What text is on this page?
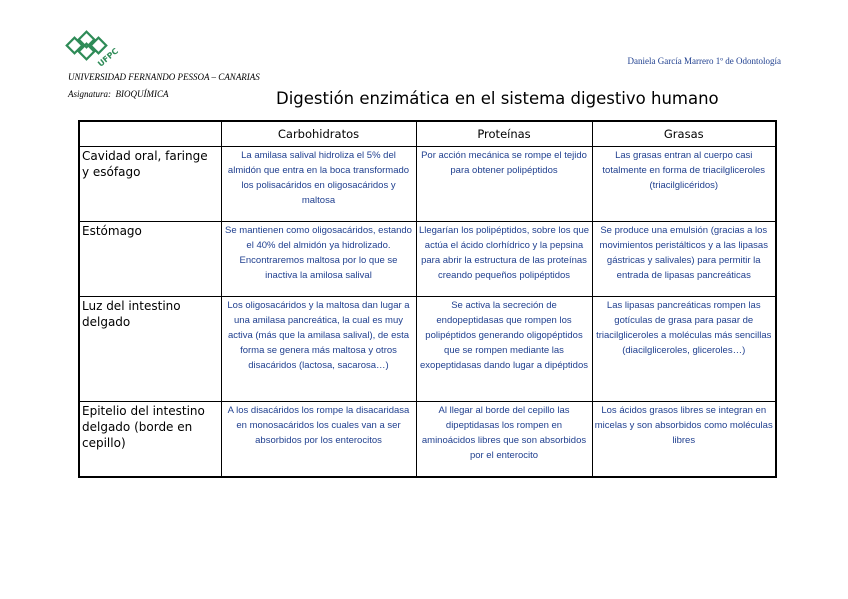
UFPC	Daniela García Marrero 1º de Odontología
UNIVERSIDAD FERNANDO PESSOA – CANARIAS
Asignatura: BIOQUÍMICA	Digestión enzimática en el sistema digestivo humano
	Carbohidratos	Proteínas	Grasas
Cavidad oral, faringe y esófago	La amilasa salival hidroliza el 5% del almidón que entra en la boca transformado los polisacáridos en oligosacáridos y maltosa	Por acción mecánica se rompe el tejido para obtener polipéptidos	Las grasas entran al cuerpo casi totalmente en forma de triacilgliceroles (triacilglicéridos)
Estómago	Se mantienen como oligosacáridos, estando el 40% del almidón ya hidrolizado. Encontraremos maltosa por lo que se inactiva la amilosa salival	Llegarían los polipéptidos, sobre los que actúa el ácido clorhídrico y la pepsina para abrir la estructura de las proteínas creando pequeños polipéptidos	Se produce una emulsión (gracias a los movimientos peristálticos y a las lipasas gástricas y salivales) para permitir la entrada de lipasas pancreáticas
Luz del intestino delgado	Los oligosacáridos y la maltosa dan lugar a una amilasa pancreática, la cual es muy activa (más que la amilasa salival), de esta forma se genera más maltosa y otros disacáridos (lactosa, sacarosa…)	Se activa la secreción de endopeptidasas que rompen los polipéptidos generando oligopéptidos que se rompen mediante las exopeptidasas dando lugar a dipéptidos	Las lipasas pancreáticas rompen las gotículas de grasa para pasar de triacilgliceroles a moléculas más sencillas (diacilgliceroles, gliceroles…)
Epitelio del intestino delgado (borde en cepillo)	A los disacáridos los rompe la disacaridasa en monosacáridos los cuales van a ser absorbidos por los enterocitos	Al llegar al borde del cepillo las dipeptidasas los rompen en aminoácidos libres que son absorbidos por el enterocito	Los ácidos grasos libres se integran en micelas y son absorbidos como moléculas libres
